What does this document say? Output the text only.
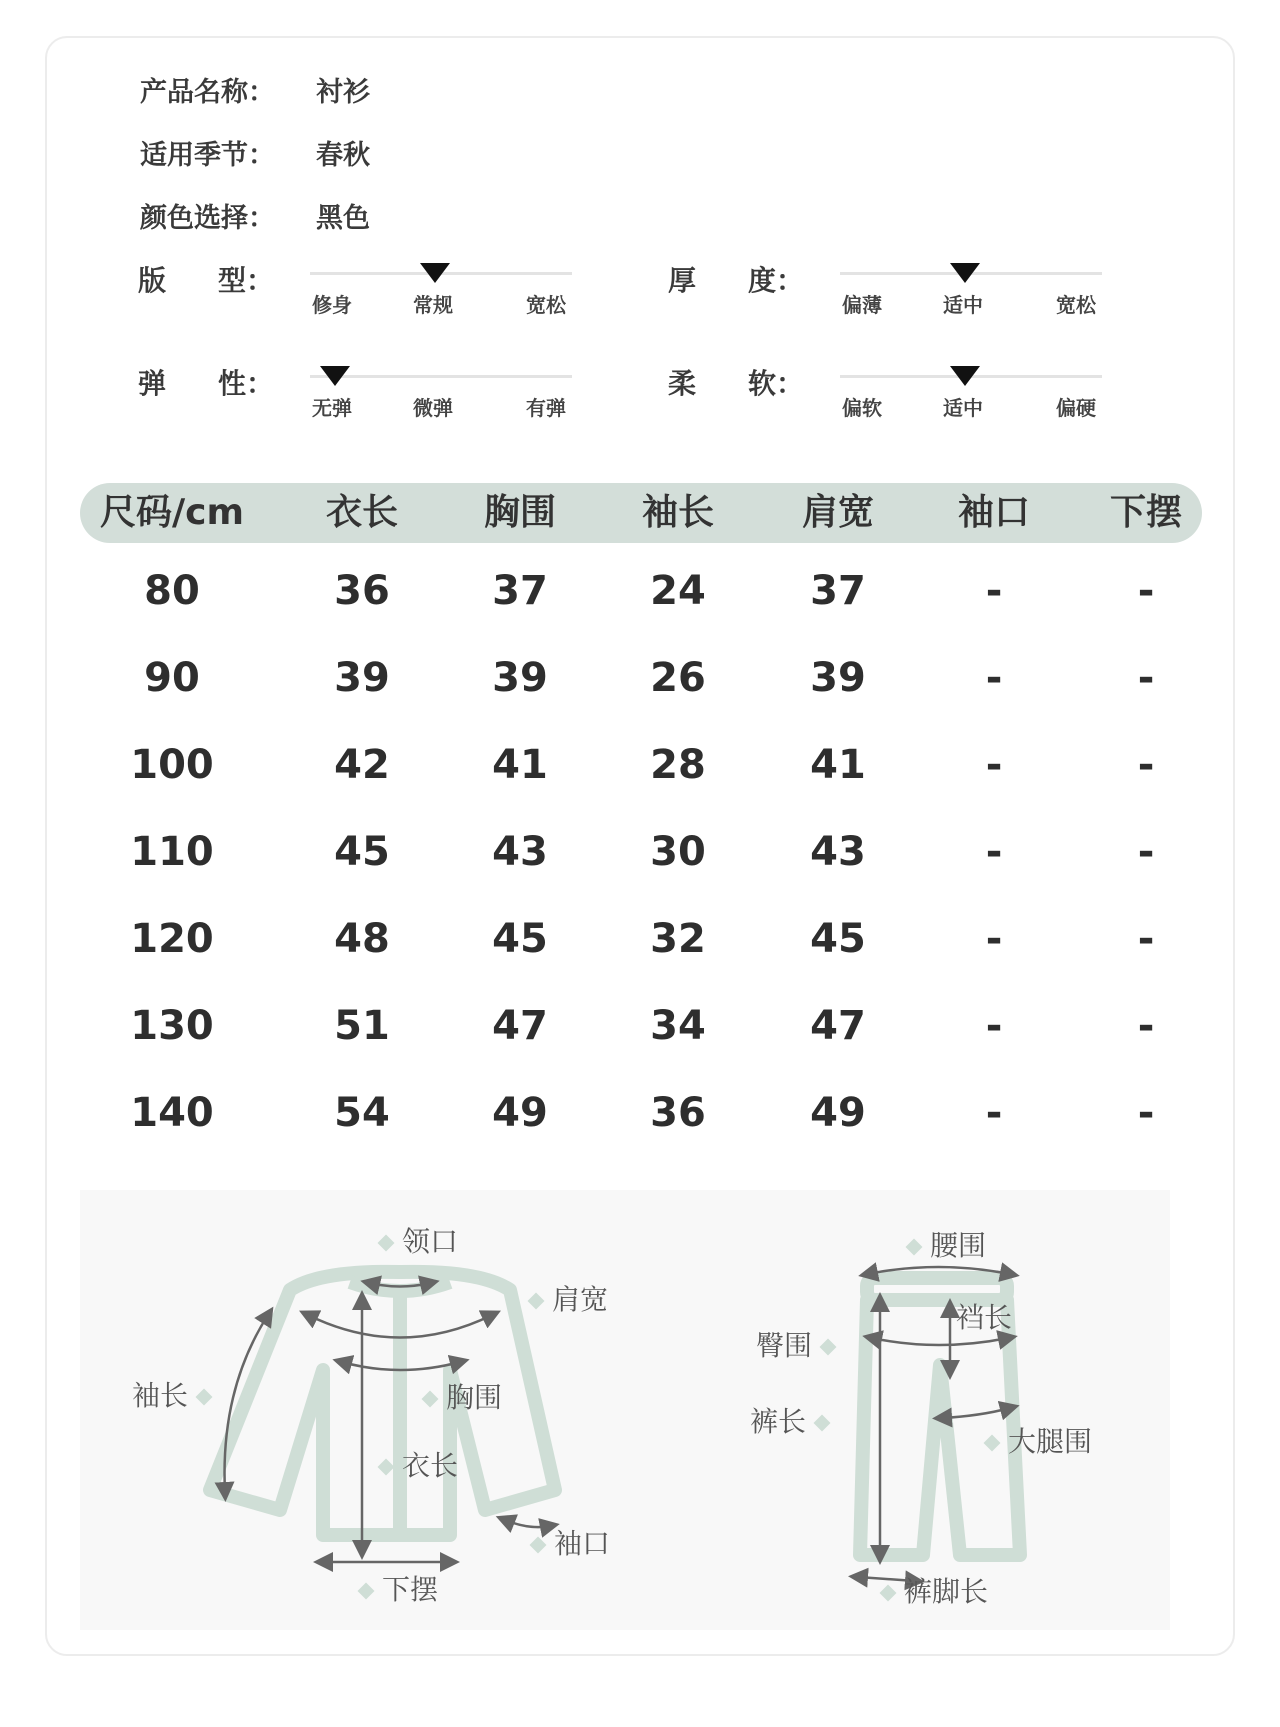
产品名称： 衬衫
适用季节： 春秋
颜色选择： 黑色
版 型：
修身	常规	宽松
厚 度：
偏薄	适中	宽松
弹 性：
无弹	微弹	有弹
柔 软：
偏软	适中	偏硬
尺码/cm 衣长 胸围 袖长 肩宽 袖口 下摆
80	36	37	24	37	-	-
90	39	39	26	39	-	-
100	42	41	28	41	-	-
110	45	43	30	43	-	-
120	48	45	32	45	-	-
130	51	47	34	47	-	-
140	54	49	36	49	-	-
领口
肩宽
袖长	胸围
衣长
袖口
下摆
腰围
裆长
臀围
裤长
大腿围
裤脚长
